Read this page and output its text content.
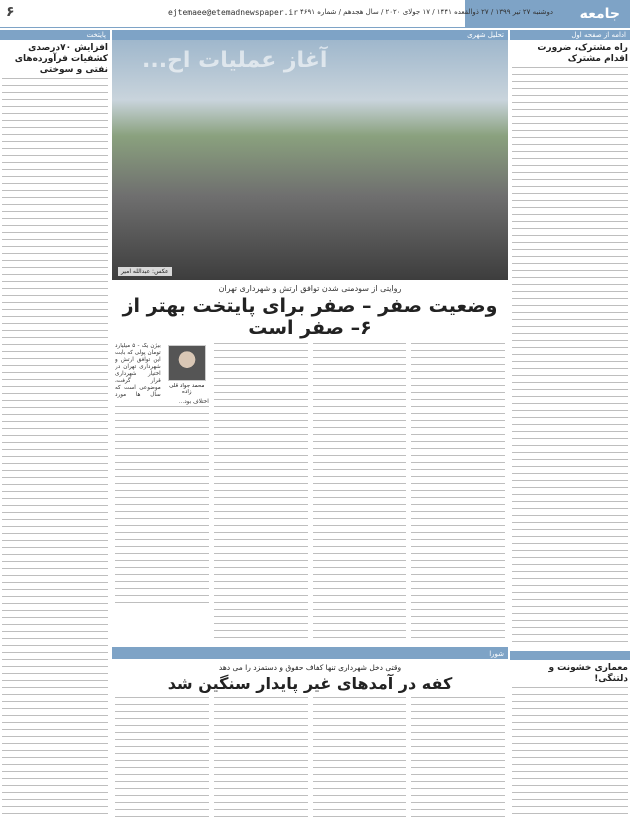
جامعه
۶	ejtemaee@etemadnewspaper.ir دوشنبه ۲۷ تیر ۱۳۹۹ / ۲۷ ذوالقعده ۱۴۴۱ / ۱۷ جولای ۲۰۲۰ / سال هجدهم / شماره ۴۶۹۱
ادامه از صفحه اول
راه مشترک، ضرورت اقدام مشترک
معماری خشونت و دلتنگی!
تحلیل شهری
آغاز عملیات اح...
عکس: عبدالله امیر
روایتی از سودمنی شدن توافق ارتش و شهرداری تهران
وضعیت صفر – صفر برای پایتخت بهتر از ۶– صفر است
محمد جواد قلی زاده
بیژن یک - ۵ میلیارد تومان پولی که بابت این توافق ارتش و شهرداری تهران در اختیار شهرداری قرار گرفت، موضوعی است که سال ها مورد اختلاف بود...
شورا
وقتی دخل شهرداری تنها کفاف حقوق و دستمزد را می دهد
کفه در آمدهای غیر پایدار سنگین شد
پایتخت
افزایش ۷۰درصدی کشفیات فرآورده‌های نفتی و سوختی
